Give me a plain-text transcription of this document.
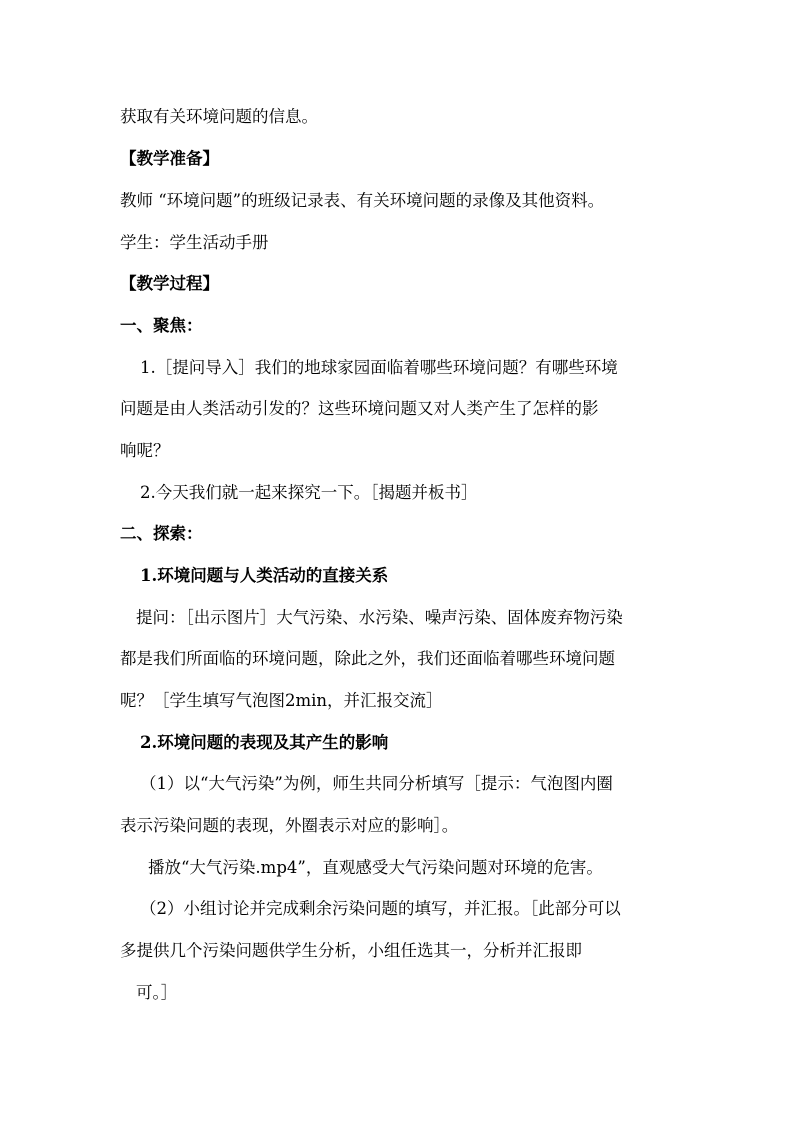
获取有关环境问题的信息。
【教学准备】
教师 “环境问题”的班级记录表、有关环境问题的录像及其他资料。
学生：学生活动手册
【教学过程】
一、聚焦：
1.［提问导入］我们的地球家园面临着哪些环境问题？有哪些环境
问题是由人类活动引发的？这些环境问题又对人类产生了怎样的影
响呢？
2.今天我们就一起来探究一下。［揭题并板书］
二、探索：
1.环境问题与人类活动的直接关系
提问：［出示图片］大气污染、水污染、噪声污染、固体废弃物污染
都是我们所面临的环境问题，除此之外，我们还面临着哪些环境问题
呢？［学生填写气泡图2min，并汇报交流］
2.环境问题的表现及其产生的影响
（1）以“大气污染”为例，师生共同分析填写［提示：气泡图内圈
表示污染问题的表现，外圈表示对应的影响］。
播放“大气污染.mp4”，直观感受大气污染问题对环境的危害。
（2）小组讨论并完成剩余污染问题的填写，并汇报。［此部分可以
多提供几个污染问题供学生分析，小组任选其一，分析并汇报即
可。］
